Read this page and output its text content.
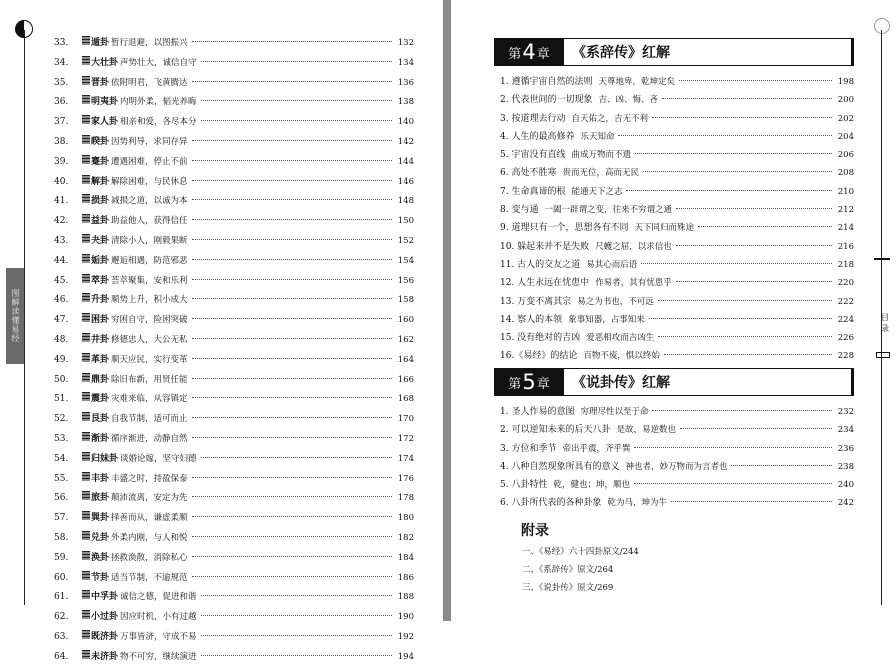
图解读懂易经
33.	遁卦 暂行退避，以图振兴	132
34.	大壮卦 声势壮大，诚信自守	134
35.	晋卦 依附明君，飞黄腾达	136
36.	明夷卦 内明外柔，韬光养晦	138
37.	家人卦 相亲和爱，各尽本分	140
38.	睽卦 因势利导，求同存异	142
39.	蹇卦 遭遇困难，停止不前	144
40.	解卦 解除困难，与民休息	146
41.	损卦 减损之道，以诚为本	148
42.	益卦 助益他人，获得信任	150
43.	夬卦 清除小人，刚毅果断	152
44.	姤卦 邂逅相遇，防范邪恶	154
45.	萃卦 荟萃聚集，安和乐利	156
46.	升卦 顺势上升，积小成大	158
47.	困卦 穷困自守，险困突破	160
48.	井卦 修德忠人，大公无私	162
49.	革卦 顺天应民，实行变革	164
50.	鼎卦 除旧布新，用贤任能	166
51.	震卦 灾难来临，从容镇定	168
52.	艮卦 自我节制，适可而止	170
53.	渐卦 循序渐进，动静自然	172
54.	归妹卦 谈婚论嫁，坚守妇德	174
55.	丰卦 丰盛之时，持盈保泰	176
56.	旅卦 颠沛流离，安定为先	178
57.	巽卦 择善而从，谦虚柔顺	180
58.	兑卦 外柔内刚，与人和悦	182
59.	涣卦 拯救涣散，消除私心	184
60.	节卦 适当节制，不逾规范	186
61.	中孚卦 诚信之德，促进和谐	188
62.	小过卦 因应时机，小有过越	190
63.	既济卦 万事皆济，守成不易	192
64.	未济卦 物不可穷，继续演进	194
目录
第 4 章 《系辞传》红解
1. 遵循宇宙自然的法则 天尊地卑，乾坤定矣	198
2. 代表世间的一切现象 吉、凶、悔、吝	200
3. 按道理去行动 自天佑之，吉无不利	202
4. 人生的最高修养 乐天知命	204
5. 宇宙没有直线 曲成万物而不遗	206
6. 高处不胜寒 贵而无位，高而无民	208
7. 生命真谛的根 能通天下之志	210
8. 变与通 一阖一辟谓之变，往来不穷谓之通	212
9. 道理只有一个，思想各有不同 天下同归而殊途	214
10. 躲起来并不是失败 尺蠖之屈，以求信也	216
11. 古人的交友之道 易其心而后语	218
12. 人生永远在忧患中 作易者，其有忧患乎	220
13. 万变不离其宗 易之为书也，不可远	222
14. 察人的本领 象事知器，占事知来	224
15. 没有绝对的吉凶 爱恶相攻而吉凶生	226
16.《易经》的结论 百物不废，惧以终始	228
第 5 章 《说卦传》红解
1. 圣人作易的意图 穷理尽性以至于命	232
2. 可以逆知未来的后天八卦 是故，易逆数也	234
3. 方位和季节 帝出乎震，齐乎巽	236
4. 八种自然现象所具有的意义 神也者，妙万物而为言者也	238
5. 八卦特性 乾，健也；坤，顺也	240
6. 八卦所代表的各种卦象 乾为马，坤为牛	242
附录
一、《易经》六十四卦原文/244
二、《系辞传》原文/264
三、《说卦传》原文/269
